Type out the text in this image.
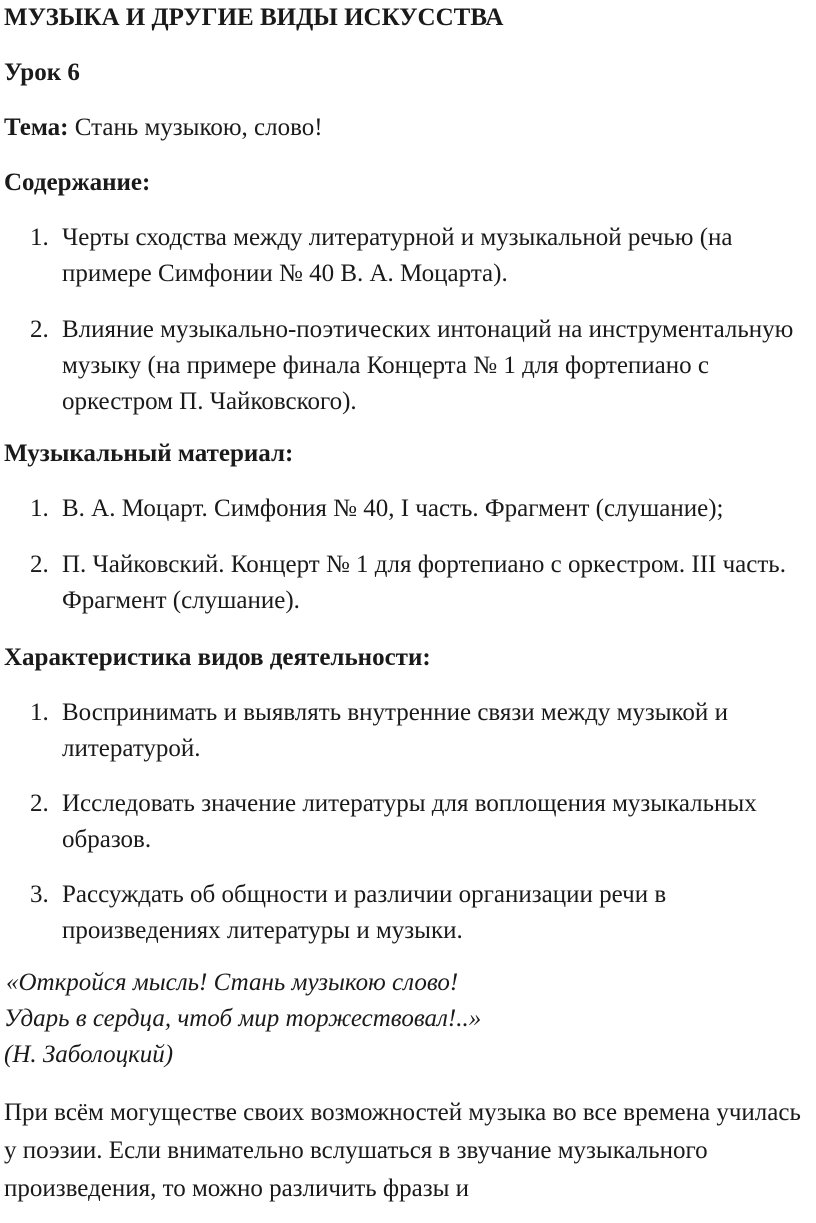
МУЗЫКА И ДРУГИЕ ВИДЫ ИСКУССТВА

Урок 6

Тема: Стань музыкою, слово!

Содержание:

1. Черты сходства между литературной и музыкальной речью (на примере Симфонии № 40 В. А. Моцарта).
2. Влияние музыкально-поэтических интонаций на инструментальную музыку (на примере финала Концерта № 1 для фортепиано с оркестром П. Чайковского).

Музыкальный материал:

1. В. А. Моцарт. Симфония № 40, I часть. Фрагмент (слушание);
2. П. Чайковский. Концерт № 1 для фортепиано с оркестром. III часть. Фрагмент (слушание).

Характеристика видов деятельности:

1. Воспринимать и выявлять внутренние связи между музыкой и литературой.
2. Исследовать значение литературы для воплощения музыкальных образов.
3. Рассуждать об общности и различии организации речи в произведениях литературы и музыки.
«Откройся мысль! Стань музыкою слово!
Ударь в сердца, чтоб мир торжествовал!..»
(Н. Заболоцкий)

При всём могуществе своих возможностей музыка во все времена училась у поэзии. Если внимательно вслушаться в звучание музыкального произведения, то можно различить фразы и
